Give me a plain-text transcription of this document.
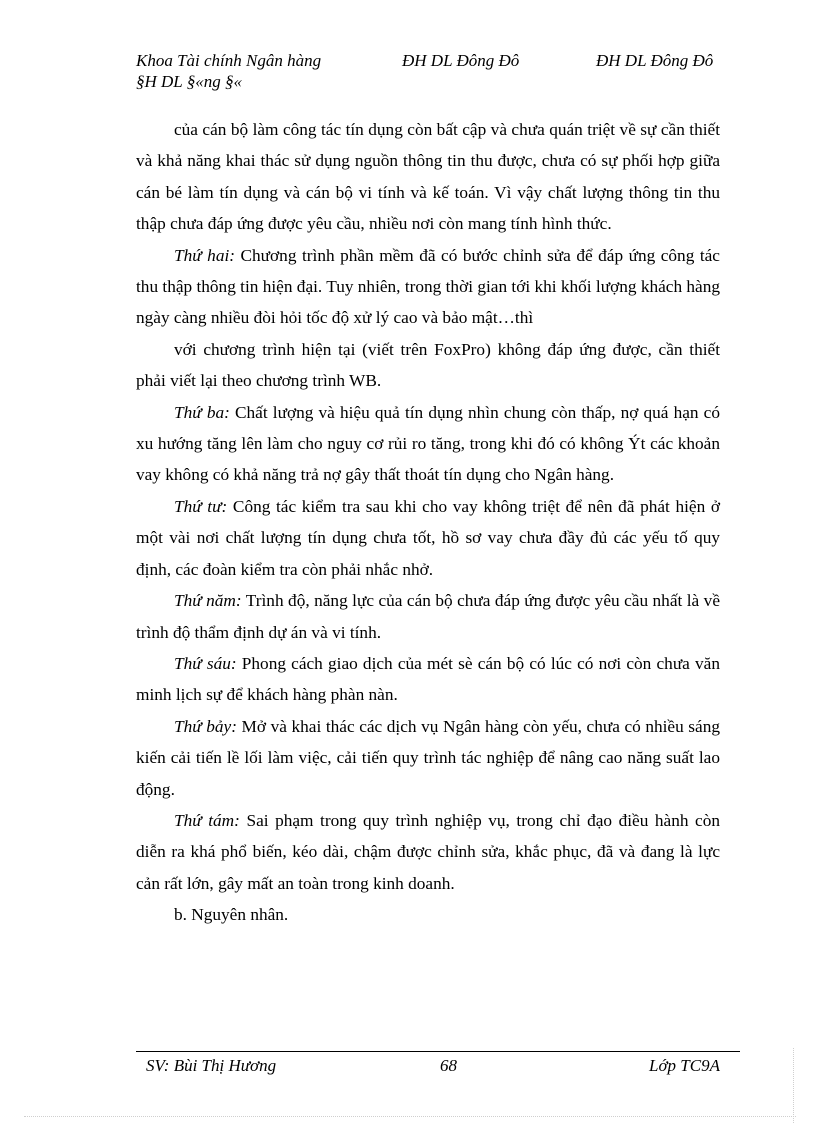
Khoa Tài chính Ngân hàng	ĐH DL Đông Đô	ĐH DL Đông Đô
§H DL §«ng §«

của cán bộ làm công tác tín dụng còn bất cập và chưa quán triệt về sự cần thiết và khả năng khai thác sử dụng nguồn thông tin thu được, chưa có sự phối hợp giữa cán bé làm tín dụng và cán bộ vi tính và kế toán. Vì vậy chất lượng thông tin thu thập chưa đáp ứng được yêu cầu, nhiều nơi còn mang tính hình thức.

Thứ hai: Chương trình phần mềm đã có bước chỉnh sửa để đáp ứng công tác thu thập thông tin hiện đại. Tuy nhiên, trong thời gian tới khi khối lượng khách hàng ngày càng nhiều đòi hỏi tốc độ xử lý cao và bảo mật…thì

với chương trình hiện tại (viết trên FoxPro) không đáp ứng được, cần thiết phải viết lại theo chương trình WB.

Thứ ba: Chất lượng và hiệu quả tín dụng nhìn chung còn thấp, nợ quá hạn có xu hướng tăng lên làm cho nguy cơ rủi ro tăng, trong khi đó có không Ýt các khoản vay không có khả năng trả nợ gây thất thoát tín dụng cho Ngân hàng.

Thứ tư: Công tác kiểm tra sau khi cho vay không triệt để nên đã phát hiện ở một vài nơi chất lượng tín dụng chưa tốt, hồ sơ vay chưa đầy đủ các yếu tố quy định, các đoàn kiểm tra còn phải nhắc nhở.

Thứ năm: Trình độ, năng lực của cán bộ chưa đáp ứng được yêu cầu nhất là về trình độ thẩm định dự án và vi tính.

Thứ sáu: Phong cách giao dịch của mét sè cán bộ có lúc có nơi còn chưa văn minh lịch sự để khách hàng phàn nàn.

Thứ bảy: Mở và khai thác các dịch vụ Ngân hàng còn yếu, chưa có nhiều sáng kiến cải tiến lề lối làm việc, cải tiến quy trình tác nghiệp để nâng cao năng suất lao động.

Thứ tám: Sai phạm trong quy trình nghiệp vụ, trong chỉ đạo điều hành còn diễn ra khá phổ biến, kéo dài, chậm được chỉnh sửa, khắc phục, đã và đang là lực cản rất lớn, gây mất an toàn trong kinh doanh.

b. Nguyên nhân.

SV: Bùi Thị Hương	68	Lớp TC9A
